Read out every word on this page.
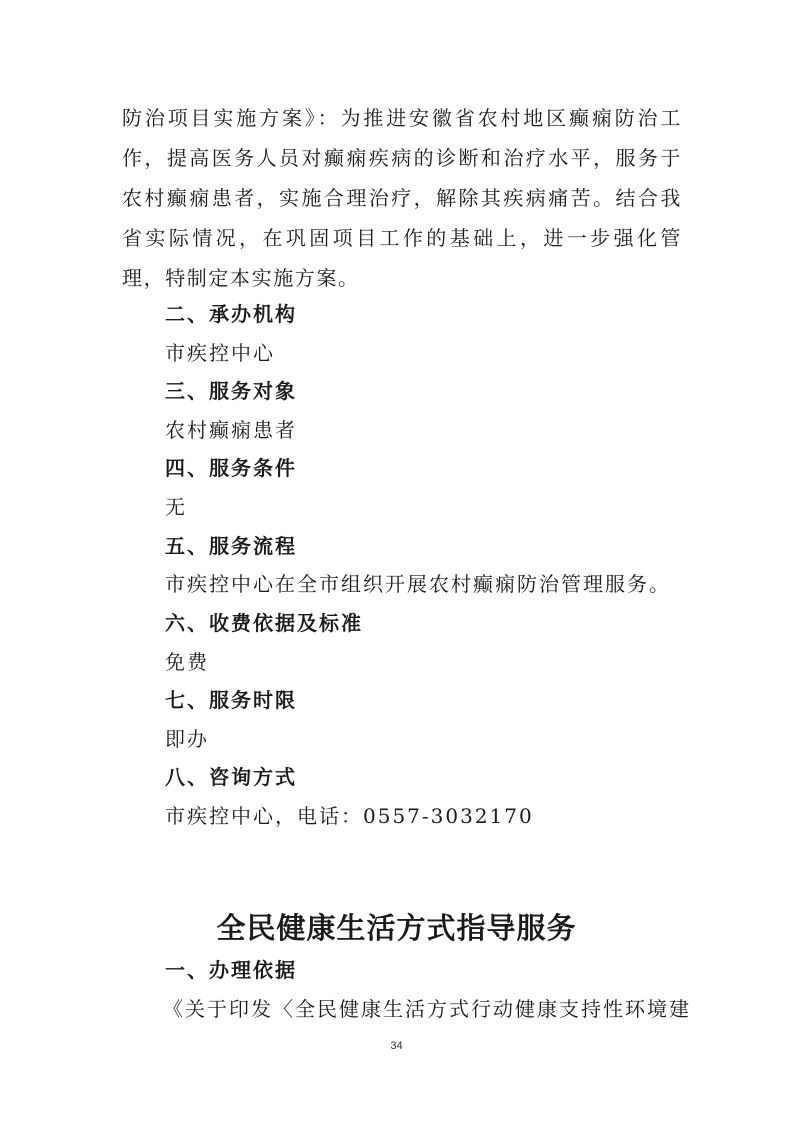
防治项目实施方案》：为推进安徽省农村地区癫痫防治工作，提高医务人员对癫痫疾病的诊断和治疗水平，服务于农村癫痫患者，实施合理治疗，解除其疾病痛苦。结合我省实际情况，在巩固项目工作的基础上，进一步强化管理，特制定本实施方案。

二、承办机构
市疾控中心
三、服务对象
农村癫痫患者
四、服务条件
无
五、服务流程
市疾控中心在全市组织开展农村癫痫防治管理服务。
六、收费依据及标准
免费
七、服务时限
即办
八、咨询方式
市疾控中心，电话：0557-3032170
全民健康生活方式指导服务
一、办理依据
《关于印发〈全民健康生活方式行动健康支持性环境建
34
